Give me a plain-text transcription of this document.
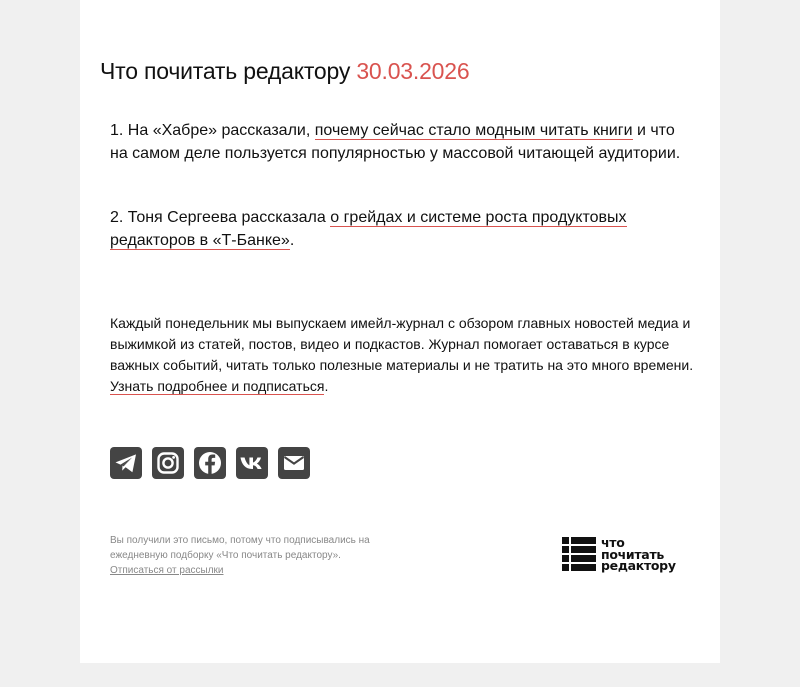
Что почитать редактору 30.03.2026
1. На «Хабре» рассказали, почему сейчас стало модным читать книги и что на самом деле пользуется популярностью у массовой читающей аудитории.
2. Тоня Сергеева рассказала о грейдах и системе роста продуктовых редакторов в «Т-Банке».
Каждый понедельник мы выпускаем имейл-журнал с обзором главных новостей медиа и выжимкой из статей, постов, видео и подкастов. Журнал помогает оставаться в курсе важных событий, читать только полезные материалы и не тратить на это много времени. Узнать подробнее и подписаться.
Вы получили это письмо, потому что подписывались на ежедневную подборку «Что почитать редактору».
Отписаться от рассылки
что
почитать
редактору
